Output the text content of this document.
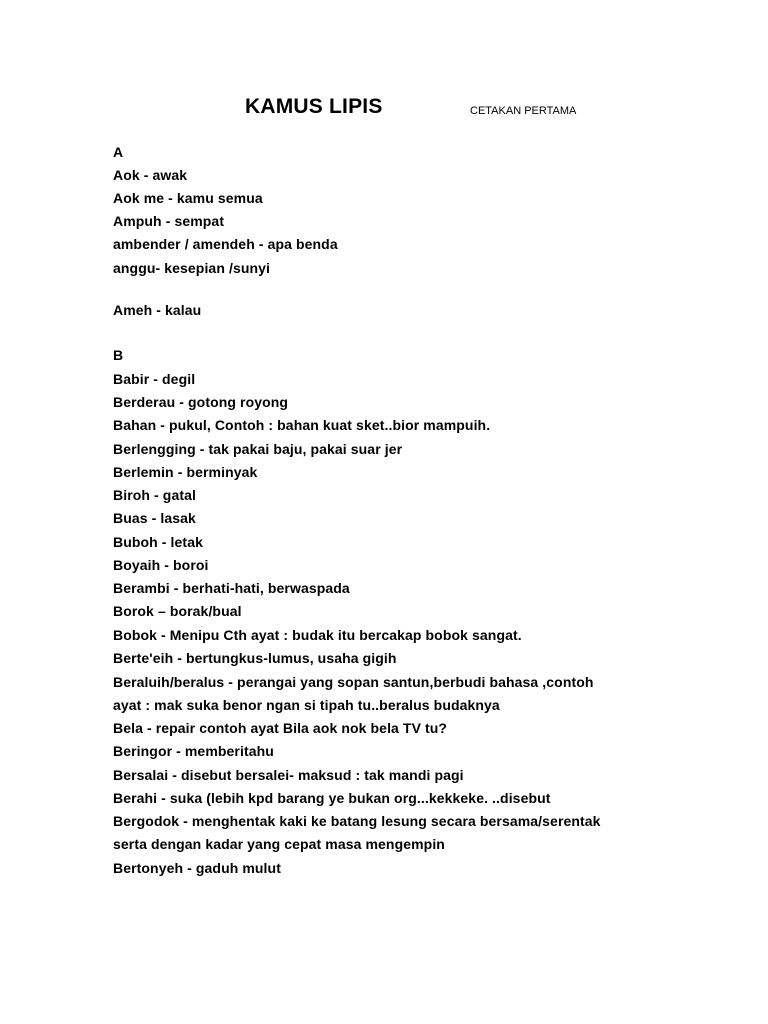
KAMUS LIPIS	CETAKAN PERTAMA
A
Aok - awak
Aok me - kamu semua
Ampuh - sempat
ambender / amendeh - apa benda
anggu- kesepian /sunyi
Ameh - kalau
B
Babir - degil
Berderau - gotong royong
Bahan - pukul, Contoh : bahan kuat sket..bior mampuih.
Berlengging - tak pakai baju, pakai suar jer
Berlemin - berminyak
Biroh - gatal
Buas - lasak
Buboh - letak
Boyaih - boroi
Berambi - berhati-hati, berwaspada
Borok – borak/bual
Bobok - Menipu Cth ayat : budak itu bercakap bobok sangat.
Berte'eih - bertungkus-lumus, usaha gigih
Beraluih/beralus - perangai yang sopan santun,berbudi bahasa ,contoh
ayat : mak suka benor ngan si tipah tu..beralus budaknya
Bela - repair contoh ayat Bila aok nok bela TV tu?
Beringor - memberitahu
Bersalai - disebut bersalei- maksud : tak mandi pagi
Berahi - suka (lebih kpd barang ye bukan org...kekkeke. ..disebut
Bergodok - menghentak kaki ke batang lesung secara bersama/serentak
serta dengan kadar yang cepat masa mengempin
Bertonyeh - gaduh mulut
